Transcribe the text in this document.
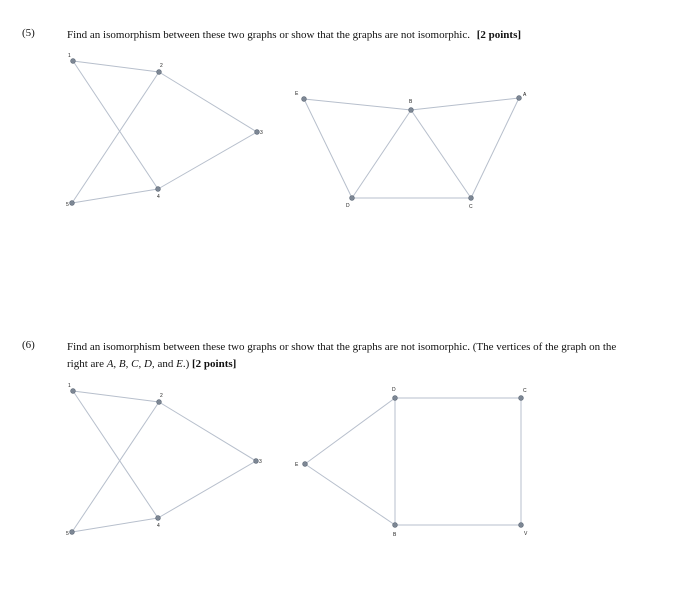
(5)	Find an isomorphism between these two graphs or show that the graphs are not isomorphic. [2 points]
(6)	Find an isomorphism between these two graphs or show that the graphs are not isomorphic. (The vertices of the graph on the
right are A, B, C, D, and E.) [2 points]
1
2
3
4
5
E
B
A
D	C
1
2
3
4
5
D	C
E
B	V
